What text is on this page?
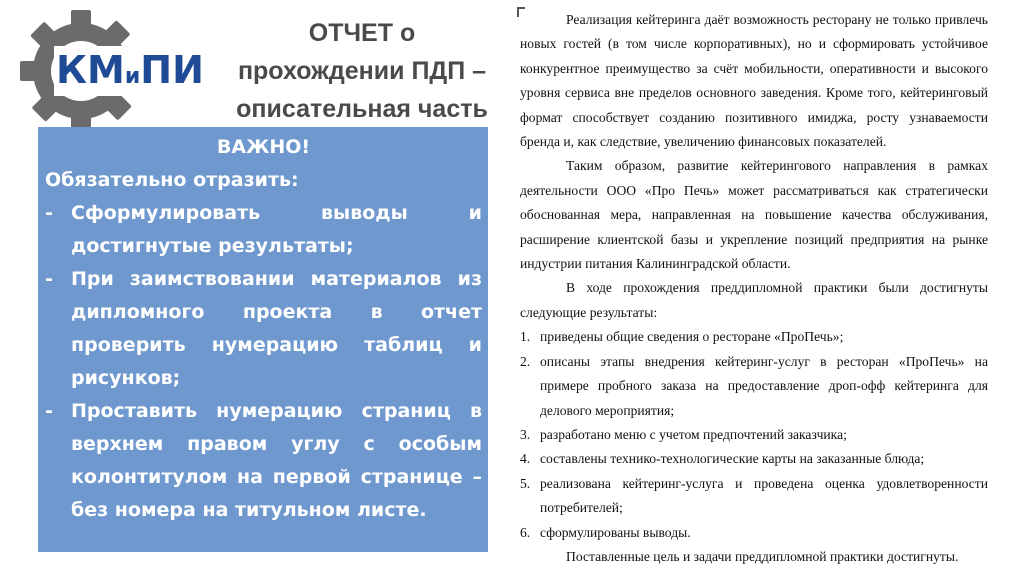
КМиПИ
ОТЧЕТ о
прохождении ПДП –
описательная часть
ВАЖНО!
Обязательно отразить:
- Сформулировать выводы и достигнутые результаты;
- При заимствовании материалов из дипломного проекта в отчет проверить нумерацию таблиц и рисунков;
- Проставить нумерацию страниц в верхнем правом углу с особым колонтитулом на первой странице – без номера на титульном листе.

Реализация кейтеринга даёт возможность ресторану не только привлечь новых гостей (в том числе корпоративных), но и сформировать устойчивое конкурентное преимущество за счёт мобильности, оперативности и высокого уровня сервиса вне пределов основного заведения. Кроме того, кейтеринговый формат способствует созданию позитивного имиджа, росту узнаваемости бренда и, как следствие, увеличению финансовых показателей.

Таким образом, развитие кейтерингового направления в рамках деятельности ООО «Про Печь» может рассматриваться как стратегически обоснованная мера, направленная на повышение качества обслуживания, расширение клиентской базы и укрепление позиций предприятия на рынке индустрии питания Калининградской области.

В ходе прохождения преддипломной практики были достигнуты следующие результаты:

1. приведены общие сведения о ресторане «ПроПечь»;
2. описаны этапы внедрения кейтеринг-услуг в ресторан «ПроПечь» на примере пробного заказа на предоставление дроп-офф кейтеринга для делового мероприятия;
3. разработано меню с учетом предпочтений заказчика;
4. составлены технико-технологические карты на заказанные блюда;
5. реализована кейтеринг-услуга и проведена оценка удовлетворенности потребителей;
6. сформулированы выводы.

Поставленные цель и задачи преддипломной практики достигнуты.
